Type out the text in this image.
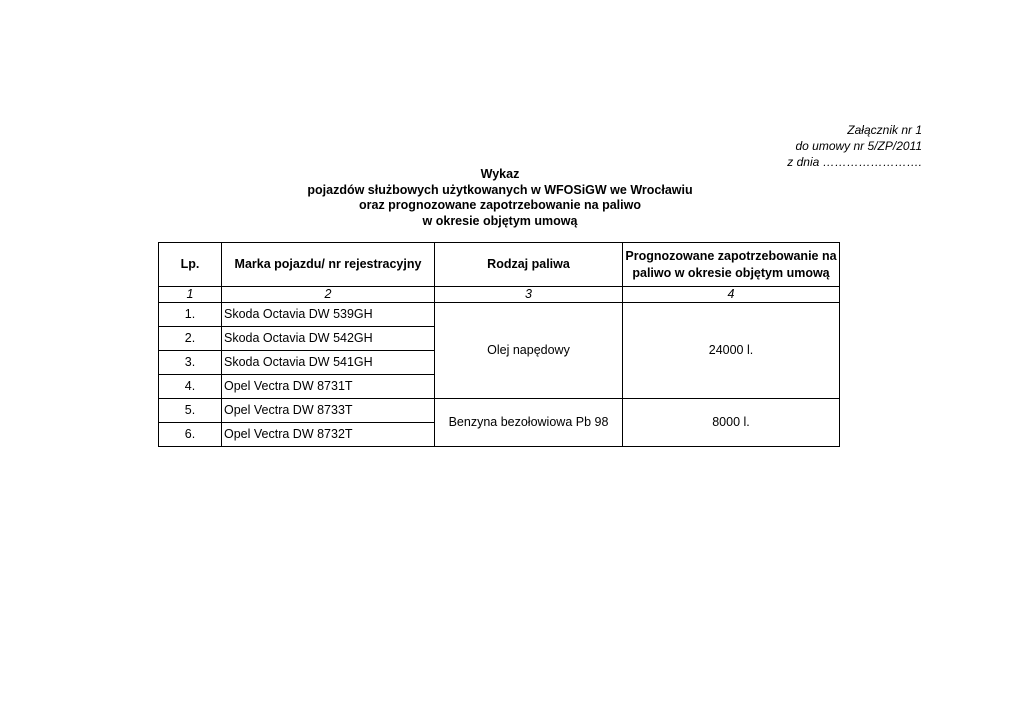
Załącznik nr 1
do umowy nr 5/ZP/2011
z dnia …………………….
Wykaz
pojazdów służbowych użytkowanych w WFOSiGW we Wrocławiu
oraz prognozowane zapotrzebowanie na paliwo
w okresie objętym umową
Lp.	Marka pojazdu/ nr rejestracyjny	Rodzaj paliwa	Prognozowane zapotrzebowanie na paliwo w okresie objętym umową
1	2	3	4
1.	Skoda Octavia DW 539GH	Olej napędowy	24000 l.
2.	Skoda Octavia DW 542GH		
3.	Skoda Octavia DW 541GH		
4.	Opel Vectra DW 8731T		
5.	Opel Vectra DW 8733T	Benzyna bezołowiowa Pb 98	8000 l.
6.	Opel Vectra DW 8732T		
